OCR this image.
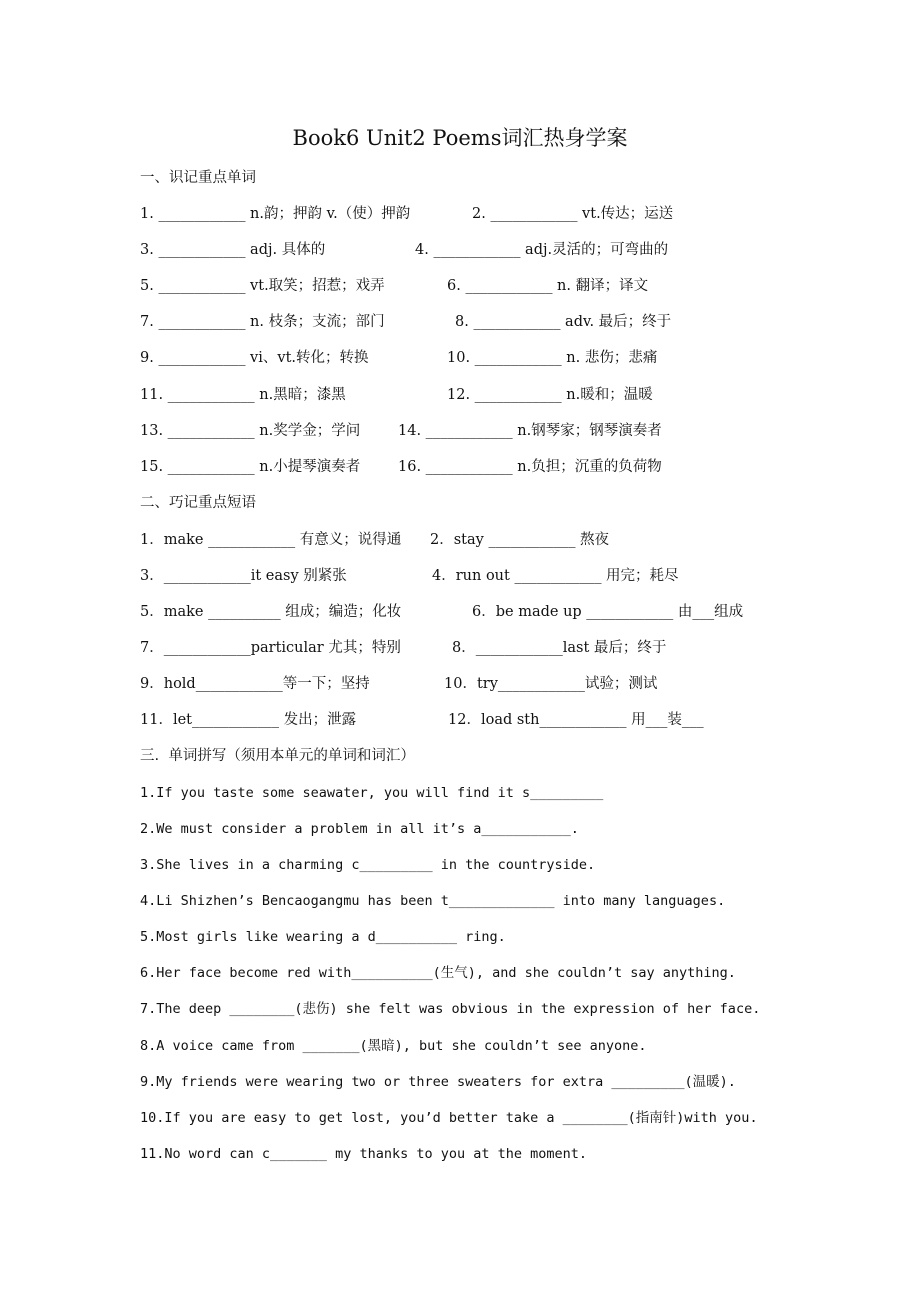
Book6 Unit2 Poems词汇热身学案
一、识记重点单词
1. ____________ n.韵；押韵 v.（使）押韵	2. ____________ vt.传达；运送
3. ____________ adj. 具体的	4. ____________ adj.灵活的；可弯曲的
5. ____________ vt.取笑；招惹；戏弄	6. ____________ n. 翻译；译文
7. ____________ n. 枝条；支流；部门	8. ____________ adv. 最后；终于
9. ____________ vi、vt.转化；转换	10. ____________ n. 悲伤；悲痛
11. ____________ n.黑暗；漆黑	12. ____________ n.暖和；温暖
13. ____________ n.奖学金；学问	14. ____________ n.钢琴家；钢琴演奏者
15. ____________ n.小提琴演奏者	16. ____________ n.负担；沉重的负荷物
二、巧记重点短语
1．make ____________ 有意义；说得通 2．stay ____________ 熬夜
3．____________it easy 别紧张	4．run out ____________ 用完；耗尽
5．make __________ 组成；编造；化妆	6．be made up ____________ 由___组成
7．____________particular 尤其；特别	8．____________last 最后；终于
9．hold____________等一下；坚持	10．try____________试验；测试
11．let____________ 发出；泄露	12．load sth____________ 用___装___
三.  单词拼写（须用本单元的单词和词汇）
1.If you taste some seawater, you will find it s_________
2.We must consider a problem in all it’s a___________.
3.She lives in a charming c_________ in the countryside.
4.Li Shizhen’s Bencaogangmu has been t_____________ into many languages.
5.Most girls like wearing a d__________ ring.
6.Her face become red with__________(生气), and she couldn’t say anything.
7.The deep ________(悲伤) she felt was obvious in the expression of her face.
8.A voice came from _______(黑暗), but she couldn’t see anyone.
9.My friends were wearing two or three sweaters for extra _________(温暖).
10.If you are easy to get lost, you’d better take a ________(指南针)with you.
11.No word can c_______ my thanks to you at the moment.
